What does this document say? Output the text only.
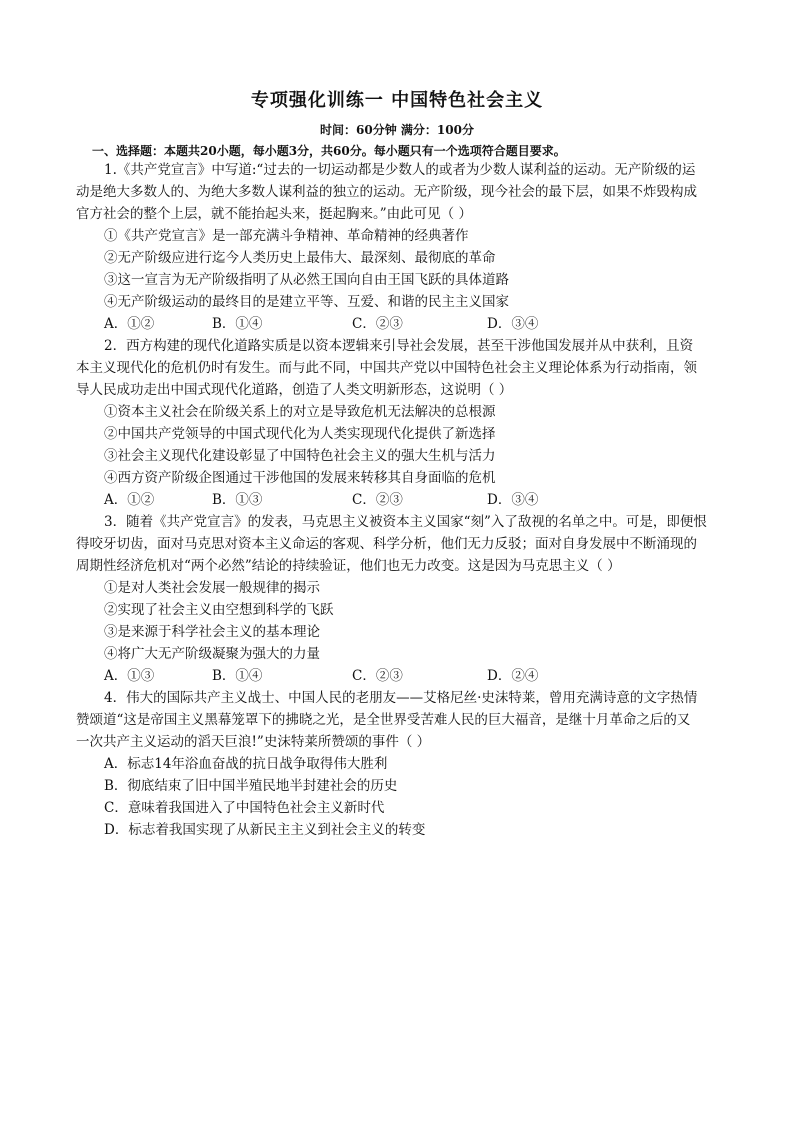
专项强化训练一 中国特色社会主义
时间：60分钟 满分：100分
一、选择题：本题共20小题，每小题3分，共60分。每小题只有一个选项符合题目要求。
1.《共产党宣言》中写道:“过去的一切运动都是少数人的或者为少数人谋利益的运动。无产阶级的运
动是绝大多数人的、为绝大多数人谋利益的独立的运动。无产阶级，现今社会的最下层，如果不炸毁构成
官方社会的整个上层，就不能抬起头来，挺起胸来。”由此可见（ ）
①《共产党宣言》是一部充满斗争精神、革命精神的经典著作
②无产阶级应进行迄今人类历史上最伟大、最深刻、最彻底的革命
③这一宣言为无产阶级指明了从必然王国向自由王国飞跃的具体道路
④无产阶级运动的最终目的是建立平等、互爱、和谐的民主主义国家
A．①②	B．①④	C．②③	D．③④
2．西方构建的现代化道路实质是以资本逻辑来引导社会发展，甚至干涉他国发展并从中获利，且资
本主义现代化的危机仍时有发生。而与此不同，中国共产党以中国特色社会主义理论体系为行动指南，领
导人民成功走出中国式现代化道路，创造了人类文明新形态，这说明（ ）
①资本主义社会在阶级关系上的对立是导致危机无法解决的总根源
②中国共产党领导的中国式现代化为人类实现现代化提供了新选择
③社会主义现代化建设彰显了中国特色社会主义的强大生机与活力
④西方资产阶级企图通过干涉他国的发展来转移其自身面临的危机
A．①②	B．①③	C．②③	D．③④
3．随着《共产党宣言》的发表，马克思主义被资本主义国家“刻”入了敌视的名单之中。可是，即便恨
得咬牙切齿，面对马克思对资本主义命运的客观、科学分析，他们无力反驳；面对自身发展中不断涌现的
周期性经济危机对“两个必然”结论的持续验证，他们也无力改变。这是因为马克思主义（ ）
①是对人类社会发展一般规律的揭示
②实现了社会主义由空想到科学的飞跃
③是来源于科学社会主义的基本理论
④将广大无产阶级凝聚为强大的力量
A．①③	B．①④	C．②③	D．②④
4．伟大的国际共产主义战士、中国人民的老朋友——艾格尼丝·史沫特莱，曾用充满诗意的文字热情
赞颂道“这是帝国主义黑幕笼罩下的拂晓之光，是全世界受苦难人民的巨大福音，是继十月革命之后的又
一次共产主义运动的滔天巨浪!”史沫特莱所赞颂的事件（ ）
A．标志14年浴血奋战的抗日战争取得伟大胜利
B．彻底结束了旧中国半殖民地半封建社会的历史
C．意味着我国进入了中国特色社会主义新时代
D．标志着我国实现了从新民主主义到社会主义的转变
